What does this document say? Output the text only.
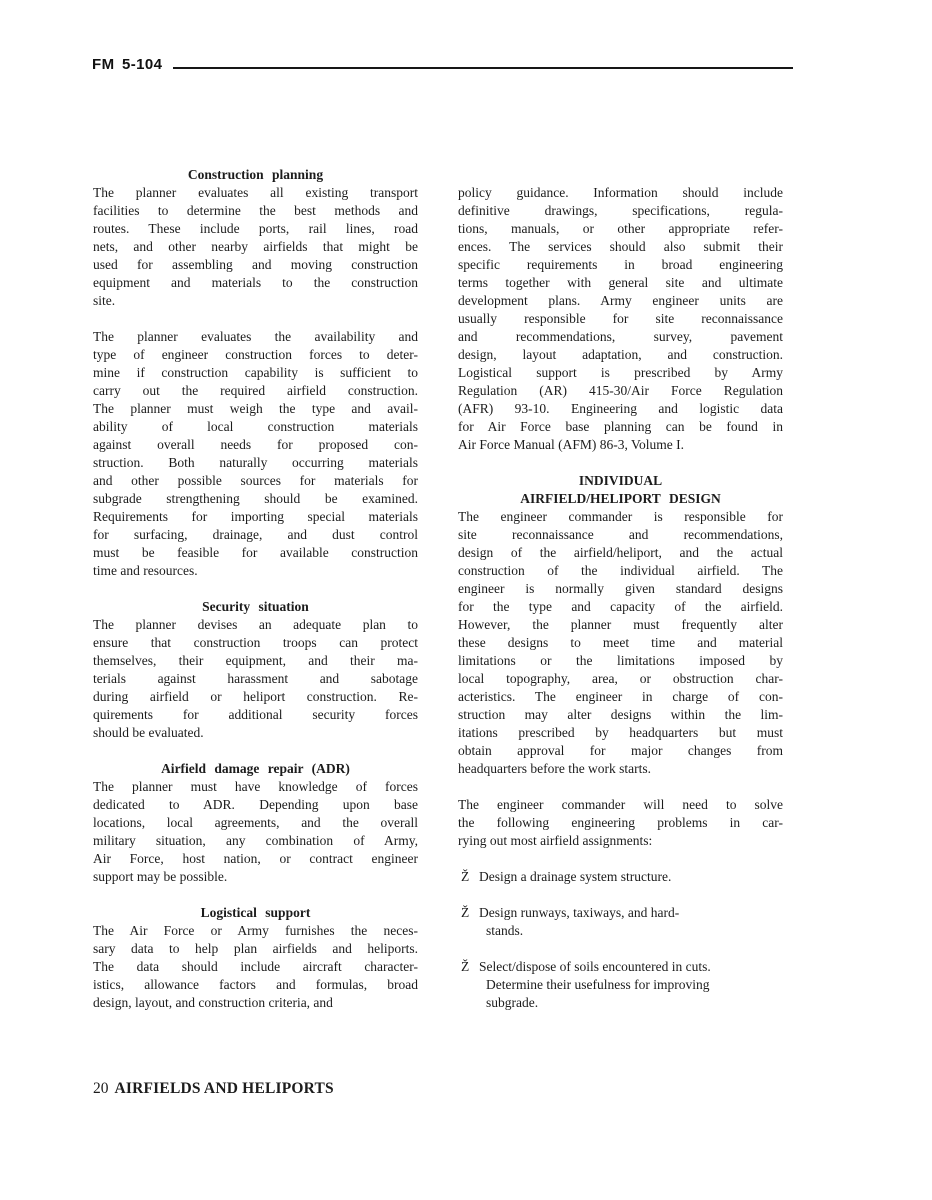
FM 5-104
Construction planning
The planner evaluates all existing transport
facilities to determine the best methods and
routes. These include ports, rail lines, road
nets, and other nearby airfields that might be
used for assembling and moving construction
equipment and materials to the construction
site.
The planner evaluates the availability and
type of engineer construction forces to deter-
mine if construction capability is sufficient to
carry out the required airfield construction.
The planner must weigh the type and avail-
ability of local construction materials
against overall needs for proposed con-
struction. Both naturally occurring materials
and other possible sources for materials for
subgrade strengthening should be examined.
Requirements for importing special materials
for surfacing, drainage, and dust control
must be feasible for available construction
time and resources.
Security situation
The planner devises an adequate plan to
ensure that construction troops can protect
themselves, their equipment, and their ma-
terials against harassment and sabotage
during airfield or heliport construction. Re-
quirements for additional security forces
should be evaluated.
Airfield damage repair (ADR)
The planner must have knowledge of forces
dedicated to ADR. Depending upon base
locations, local agreements, and the overall
military situation, any combination of Army,
Air Force, host nation, or contract engineer
support may be possible.
Logistical support
The Air Force or Army furnishes the neces-
sary data to help plan airfields and heliports.
The data should include aircraft character-
istics, allowance factors and formulas, broad
design, layout, and construction criteria, and
policy guidance. Information should include
definitive drawings, specifications, regula-
tions, manuals, or other appropriate refer-
ences. The services should also submit their
specific requirements in broad engineering
terms together with general site and ultimate
development plans. Army engineer units are
usually responsible for site reconnaissance
and recommendations, survey, pavement
design, layout adaptation, and construction.
Logistical support is prescribed by Army
Regulation (AR) 415-30/Air Force Regulation
(AFR) 93-10. Engineering and logistic data
for Air Force base planning can be found in
Air Force Manual (AFM) 86-3, Volume I.
INDIVIDUAL
AIRFIELD/HELIPORT DESIGN
The engineer commander is responsible for
site reconnaissance and recommendations,
design of the airfield/heliport, and the actual
construction of the individual airfield. The
engineer is normally given standard designs
for the type and capacity of the airfield.
However, the planner must frequently alter
these designs to meet time and material
limitations or the limitations imposed by
local topography, area, or obstruction char-
acteristics. The engineer in charge of con-
struction may alter designs within the lim-
itations prescribed by headquarters but must
obtain approval for major changes from
headquarters before the work starts.
The engineer commander will need to solve
the following engineering problems in car-
rying out most airfield assignments:
Ž Design a drainage system structure.
Ž Design runways, taxiways, and hard-
stands.
Ž Select/dispose of soils encountered in cuts.
Determine their usefulness for improving
subgrade.
20 AIRFIELDS AND HELIPORTS
